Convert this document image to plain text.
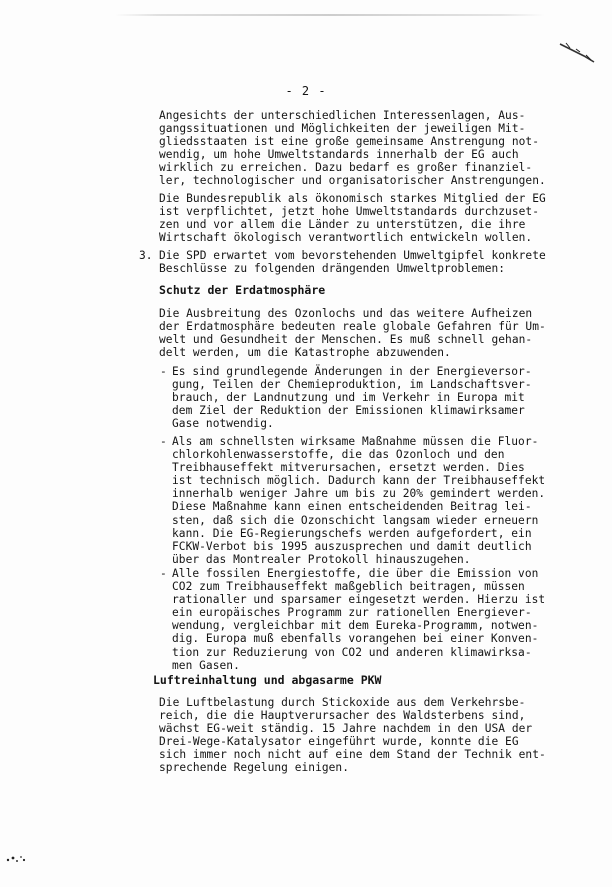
- 2 -
Angesichts der unterschiedlichen Interessenlagen, Aus-
gangssituationen und Möglichkeiten der jeweiligen Mit-
gliedsstaaten ist eine große gemeinsame Anstrengung not-
wendig, um hohe Umweltstandards innerhalb der EG auch
wirklich zu erreichen. Dazu bedarf es großer finanziel-
ler, technologischer und organisatorischer Anstrengungen.
Die Bundesrepublik als ökonomisch starkes Mitglied der EG
ist verpflichtet, jetzt hohe Umweltstandards durchzuset-
zen und vor allem die Länder zu unterstützen, die ihre
Wirtschaft ökologisch verantwortlich entwickeln wollen.
3. Die SPD erwartet vom bevorstehenden Umweltgipfel konkrete
Beschlüsse zu folgenden drängenden Umweltproblemen:
Schutz der Erdatmosphäre
Die Ausbreitung des Ozonlochs und das weitere Aufheizen
der Erdatmosphäre bedeuten reale globale Gefahren für Um-
welt und Gesundheit der Menschen. Es muß schnell gehan-
delt werden, um die Katastrophe abzuwenden.
- Es sind grundlegende Änderungen in der Energieversor-
gung, Teilen der Chemieproduktion, im Landschaftsver-
brauch, der Landnutzung und im Verkehr in Europa mit
dem Ziel der Reduktion der Emissionen klimawirksamer
Gase notwendig.
- Als am schnellsten wirksame Maßnahme müssen die Fluor-
chlorkohlenwasserstoffe, die das Ozonloch und den
Treibhauseffekt mitverursachen, ersetzt werden. Dies
ist technisch möglich. Dadurch kann der Treibhauseffekt
innerhalb weniger Jahre um bis zu 20% gemindert werden.
Diese Maßnahme kann einen entscheidenden Beitrag lei-
sten, daß sich die Ozonschicht langsam wieder erneuern
kann. Die EG-Regierungschefs werden aufgefordert, ein
FCKW-Verbot bis 1995 auszusprechen und damit deutlich
über das Montrealer Protokoll hinauszugehen.
- Alle fossilen Energiestoffe, die über die Emission von
CO2 zum Treibhauseffekt maßgeblich beitragen, müssen
rationaller und sparsamer eingesetzt werden. Hierzu ist
ein europäisches Programm zur rationellen Energiever-
wendung, vergleichbar mit dem Eureka-Programm, notwen-
dig. Europa muß ebenfalls vorangehen bei einer Konven-
tion zur Reduzierung von CO2 und anderen klimawirksa-
men Gasen.
Luftreinhaltung und abgasarme PKW
Die Luftbelastung durch Stickoxide aus dem Verkehrsbe-
reich, die die Hauptverursacher des Waldsterbens sind,
wächst EG-weit ständig. 15 Jahre nachdem in den USA der
Drei-Wege-Katalysator eingeführt wurde, konnte die EG
sich immer noch nicht auf eine dem Stand der Technik ent-
sprechende Regelung einigen.
